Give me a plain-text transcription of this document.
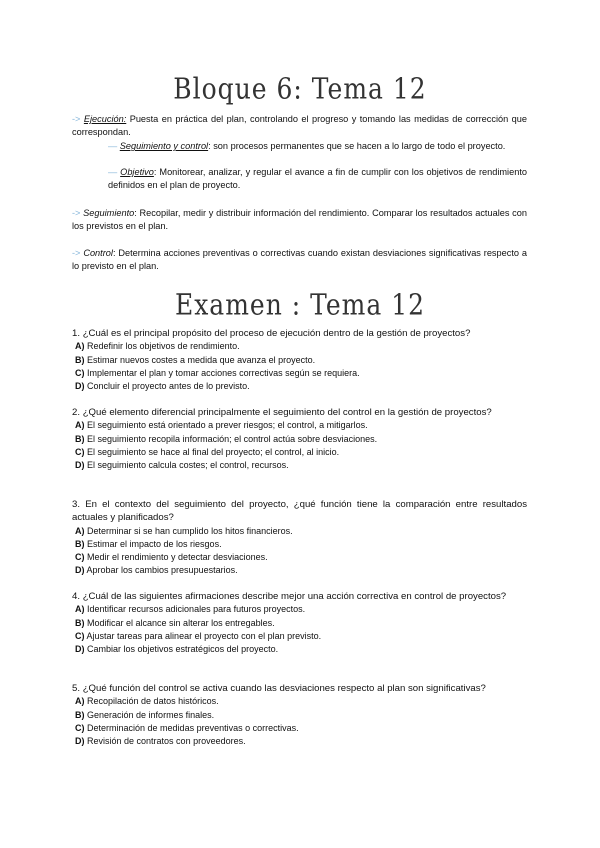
Bloque 6: Tema 12
-> Ejecución: Puesta en práctica del plan, controlando el progreso y tomando las medidas de corrección que correspondan.
— Seguimiento y control: son procesos permanentes que se hacen a lo largo de todo el proyecto.
— Objetivo: Monitorear, analizar, y regular el avance a fin de cumplir con los objetivos de rendimiento definidos en el plan de proyecto.
-> Seguimiento: Recopilar, medir y distribuir información del rendimiento. Comparar los resultados actuales con los previstos en el plan.
-> Control: Determina acciones preventivas o correctivas cuando existan desviaciones significativas respecto a lo previsto en el plan.
Examen : Tema 12

1. ¿Cuál es el principal propósito del proceso de ejecución dentro de la gestión de proyectos?

A) Redefinir los objetivos de rendimiento.

B) Estimar nuevos costes a medida que avanza el proyecto.

C) Implementar el plan y tomar acciones correctivas según se requiera.

D) Concluir el proyecto antes de lo previsto.

2. ¿Qué elemento diferencial principalmente el seguimiento del control en la gestión de proyectos?

A) El seguimiento está orientado a prever riesgos; el control, a mitigarlos.

B) El seguimiento recopila información; el control actúa sobre desviaciones.

C) El seguimiento se hace al final del proyecto; el control, al inicio.

D) El seguimiento calcula costes; el control, recursos.

3. En el contexto del seguimiento del proyecto, ¿qué función tiene la comparación entre resultados actuales y planificados?

A) Determinar si se han cumplido los hitos financieros.

B) Estimar el impacto de los riesgos.

C) Medir el rendimiento y detectar desviaciones.

D) Aprobar los cambios presupuestarios.

4. ¿Cuál de las siguientes afirmaciones describe mejor una acción correctiva en control de proyectos?

A) Identificar recursos adicionales para futuros proyectos.

B) Modificar el alcance sin alterar los entregables.

C) Ajustar tareas para alinear el proyecto con el plan previsto.

D) Cambiar los objetivos estratégicos del proyecto.

5. ¿Qué función del control se activa cuando las desviaciones respecto al plan son significativas?

A) Recopilación de datos históricos.

B) Generación de informes finales.

C) Determinación de medidas preventivas o correctivas.

D) Revisión de contratos con proveedores.
